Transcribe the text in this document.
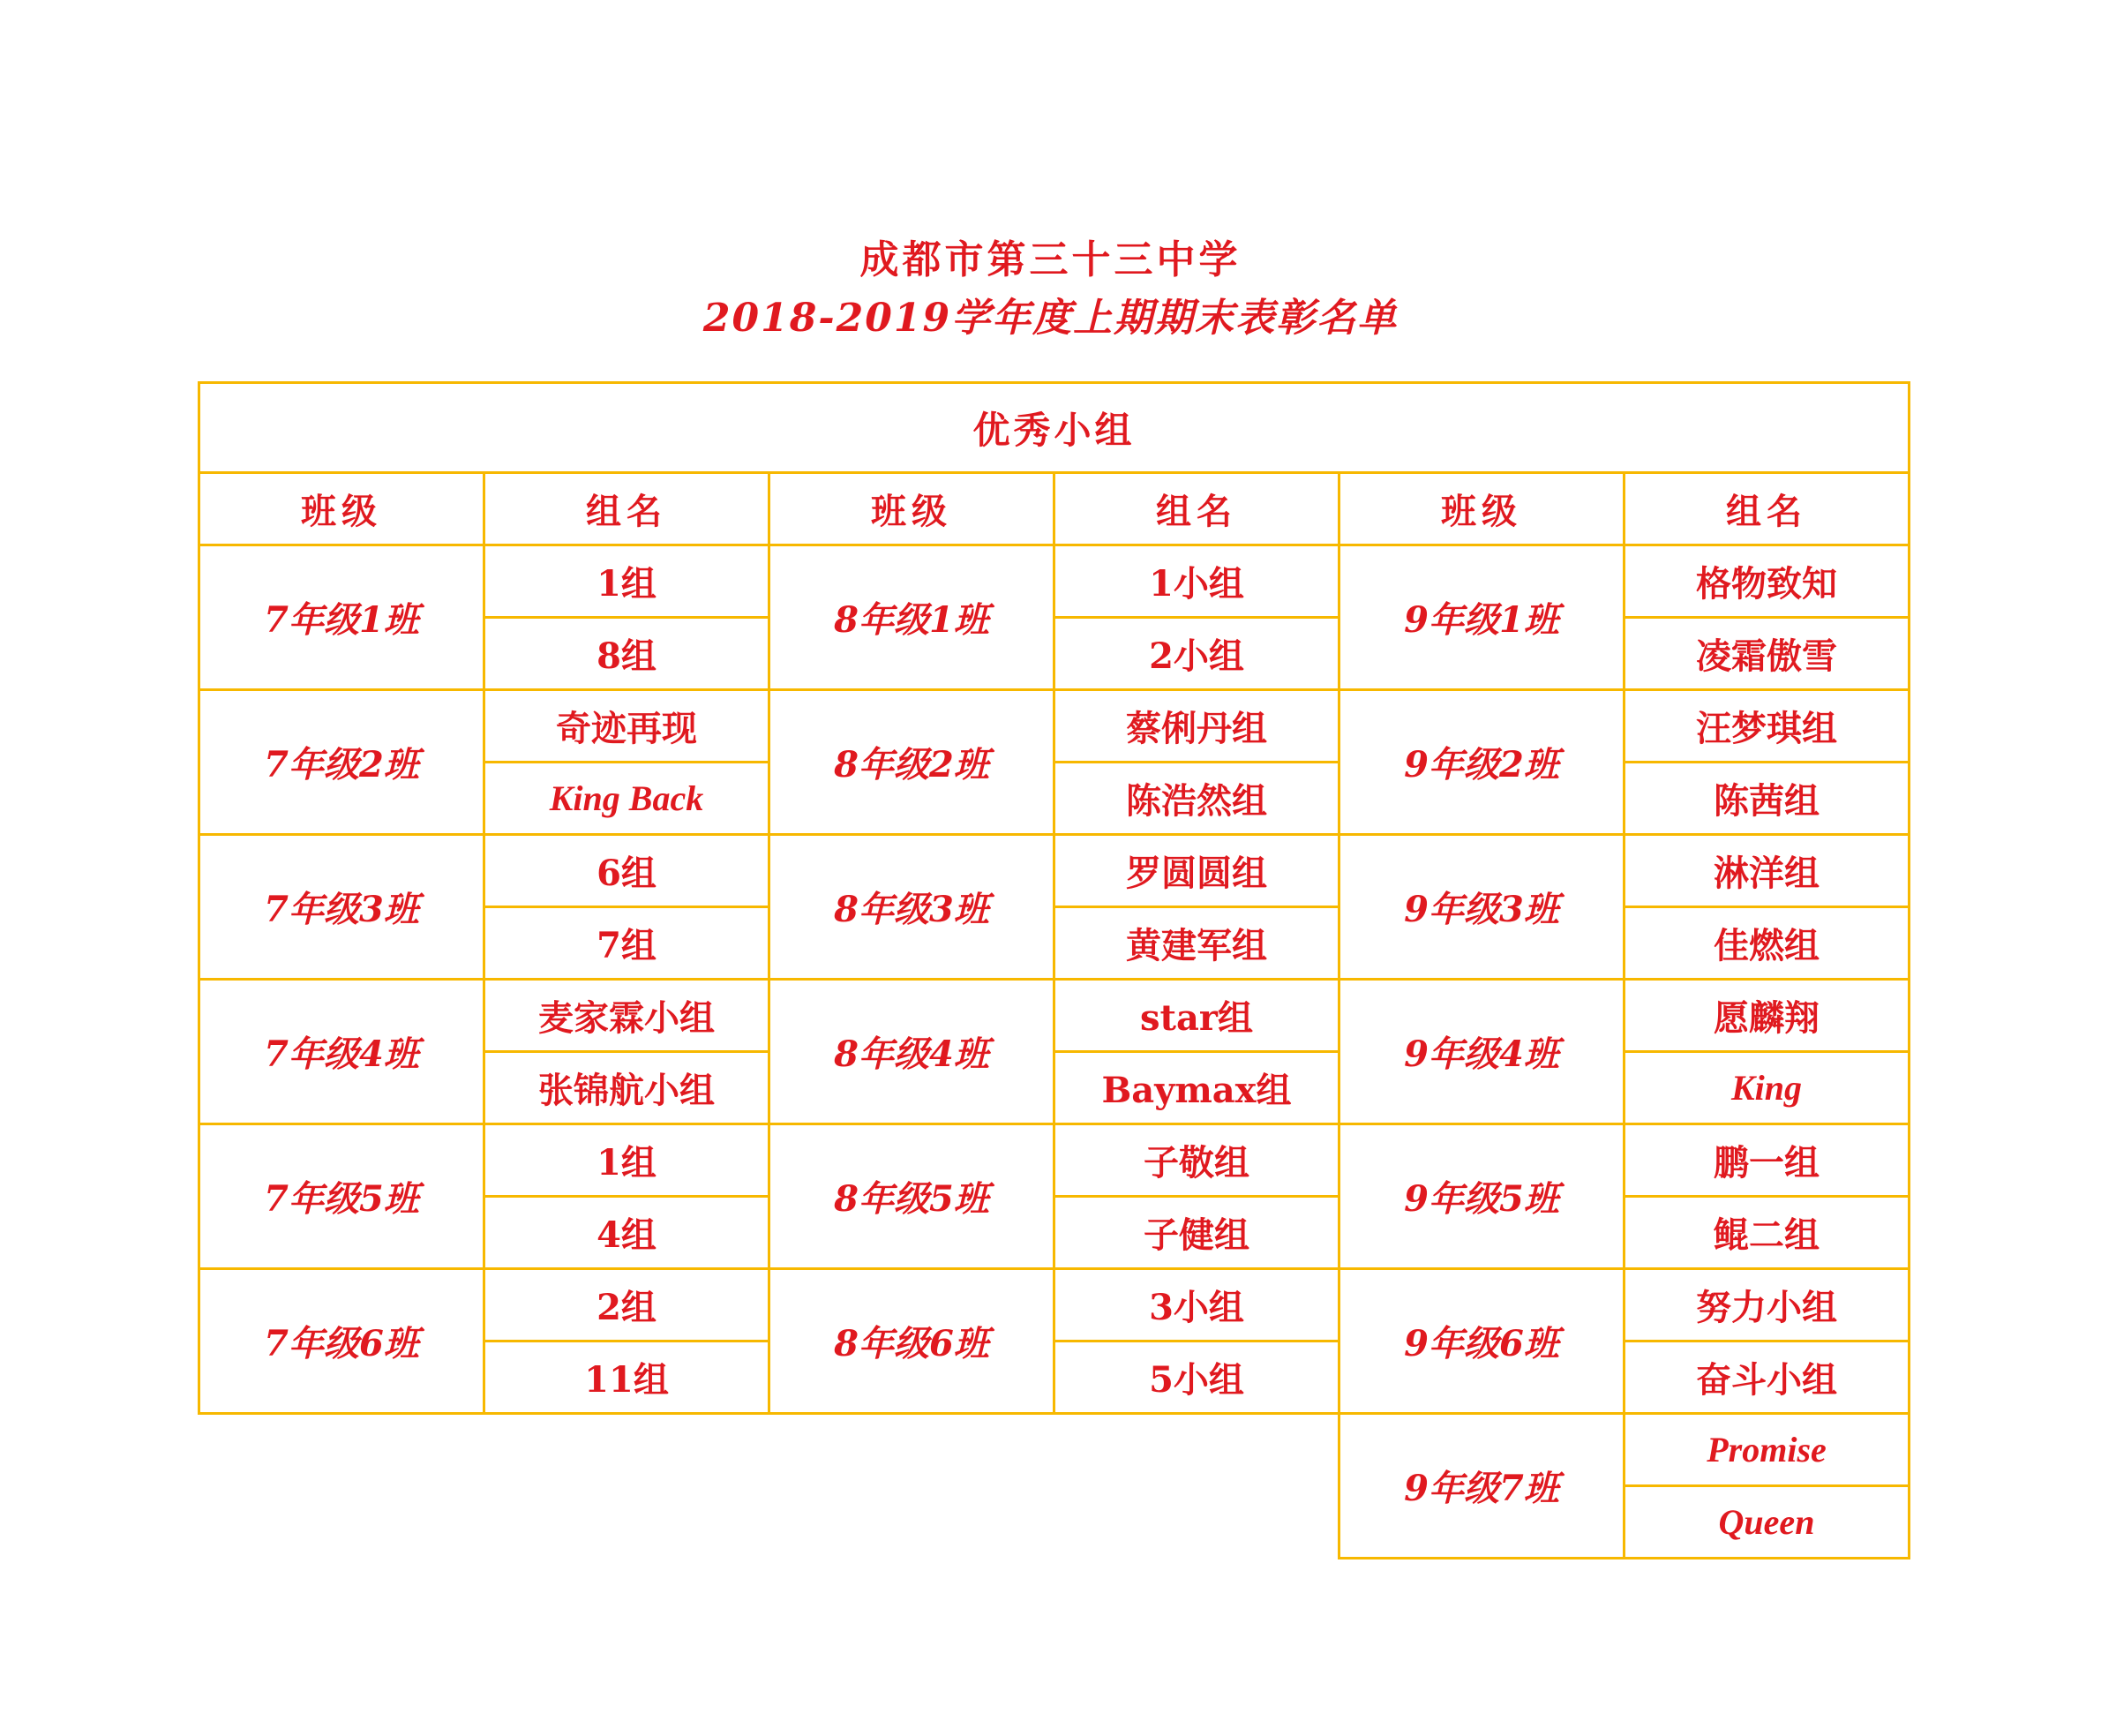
成都市第三十三中学
2018-2019学年度上期期末表彰名单
优秀小组					
班级	组名	班级	组名	班级	组名
7年级1班	1组	8年级1班	1小组	9年级1班	格物致知
	8组		2小组		凌霜傲雪
7年级2班	奇迹再现	8年级2班	蔡俐丹组	9年级2班	汪梦琪组
	King Back		陈浩然组		陈茜组
7年级3班	6组	8年级3班	罗圆圆组	9年级3班	淋洋组
	7组		黄建军组		佳燃组
7年级4班	麦家霖小组	8年级4班	star组	9年级4班	愿麟翔
	张锦航小组		Baymax组		King
7年级5班	1组	8年级5班	子敬组	9年级5班	鹏一组
	4组		子健组		鲲二组
7年级6班	2组	8年级6班	3小组	9年级6班	努力小组
	11组		5小组		奋斗小组
				9年级7班	Promise
					Queen
